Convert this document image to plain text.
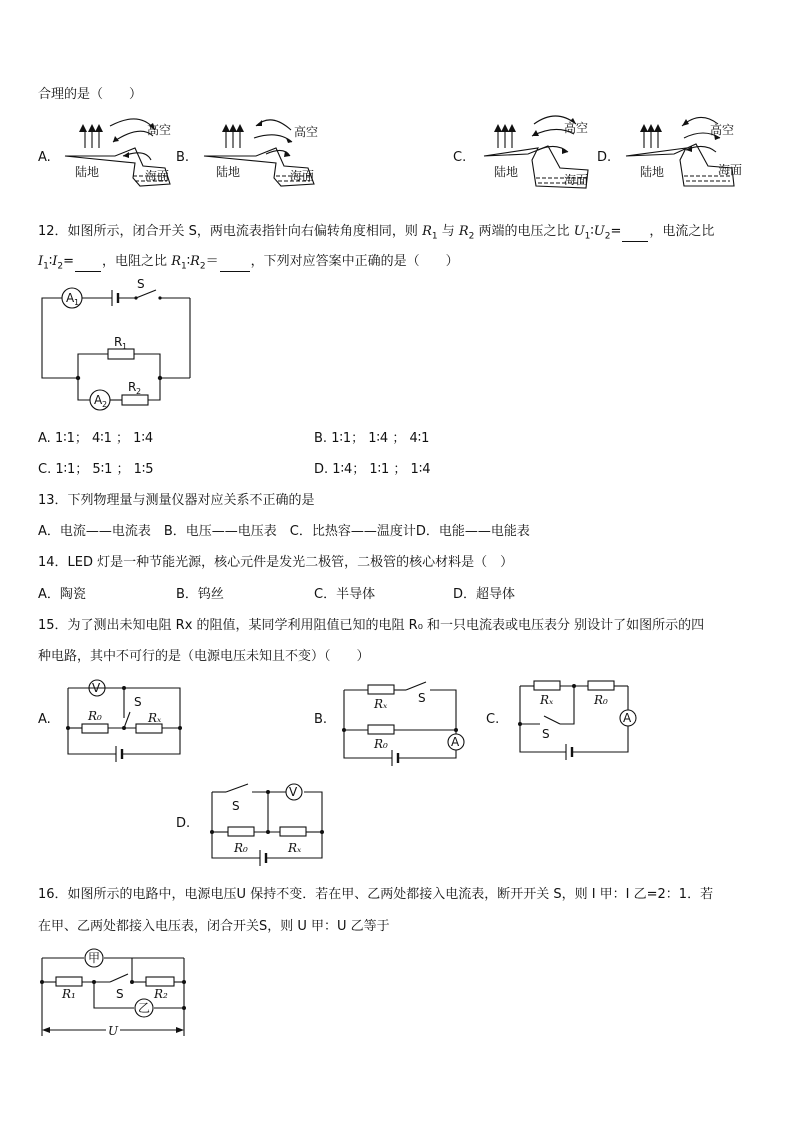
合理的是（　　）
A.	B.	C.	D.
高空
陆地	海面
高空
陆地	海面
高空
陆地
海面
高空
陆地	海面
12．如图所示，闭合开关 S，两电流表指针向右偏转角度相同，则 $R_1$ 与 $R_2$ 两端的电压之比 $U_1∶U_2=$ ，电流之比
$I_1∶I_2=$ ，电阻之比 $R_1∶R_2=$ ，下列对应答案中正确的是（　　）
A 1
A 2
S
R 1
R 2
A. 1∶1； 4∶1 ； 1∶4	B. 1∶1； 1∶4 ； 4∶1
C. 1∶1； 5∶1 ； 1∶5	D. 1∶4； 1∶1 ； 1∶4
13．下列物理量与测量仪器对应关系不正确的是
A．电流——电流表　B．电压——电压表　C．比热容——温度计D．电能——电能表
14．LED 灯是一种节能光源，核心元件是发光二极管，二极管的核心材料是（　）
A．陶瓷	B．钨丝	C．半导体	D．超导体
15．为了测出未知电阻 Rx 的阻值，某同学利用阻值已知的电阻 R₀ 和一只电流表或电压表分 别设计了如图所示的四
种电路，其中不可行的是（电源电压未知且不变）（　　）
A.	B.	C.
D.
V
S
R₀	Rₓ
A
S
Rₓ
R₀
A
S
Rₓ	R₀
V
S
R₀	Rₓ
16．如图所示的电路中，电源电压U 保持不变．若在甲、乙两处都接入电流表，断开开关 S，则 I 甲：I 乙=2：1．若
在甲、乙两处都接入电压表，闭合开关S，则 U 甲：U 乙等于
甲
乙
S
R₁	R₂
U
